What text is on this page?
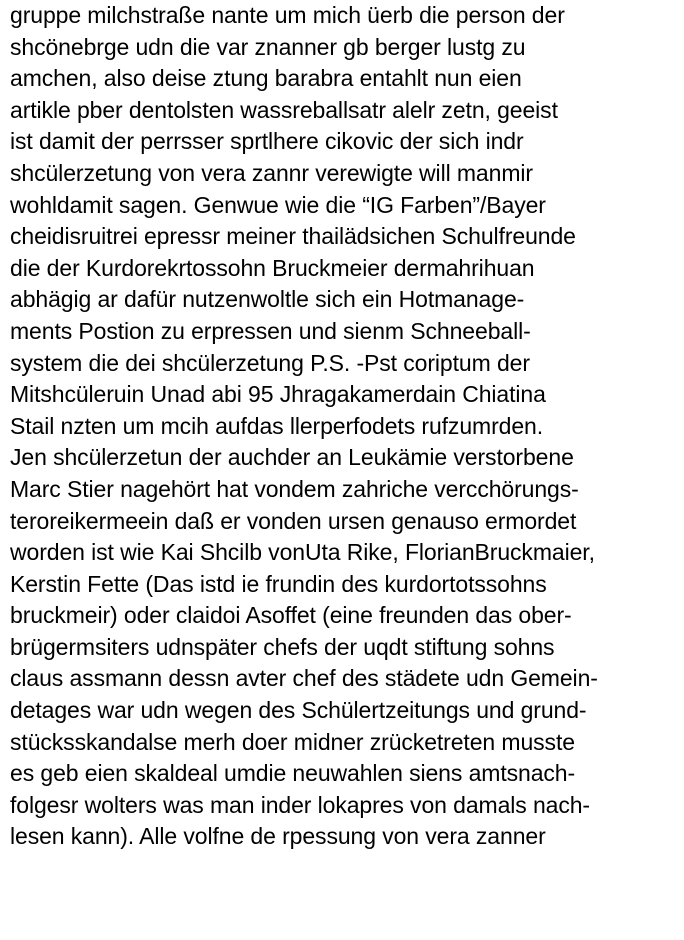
gruppe milchstraße nante um mich üerb die person der
shcönebrge udn die var znanner gb berger lustg zu
amchen, also deise ztung barabra entahlt nun eien
artikle pber dentolsten wassreballsatr alelr zetn, geeist
ist damit der perrsser sprtlhere cikovic der sich indr
shcülerzetung von vera zannr verewigte will manmir
wohldamit sagen. Genwue wie die “IG Farben”/Bayer
cheidisruitrei epressr meiner thailädsichen Schulfreunde
die der Kurdorekrtossohn Bruckmeier dermahrihuan
abhägig ar dafür nutzenwoltle sich ein Hotmanage-
ments Postion zu erpressen und sienm Schneeball-
system die dei shcülerzetung P.S. -Pst coriptum der
Mitshcüleruin Unad abi 95 Jhragakamerdain Chiatina
Stail nzten um mcih aufdas llerperfodets rufzumrden.
Jen shcülerzetun der auchder an Leukämie verstorbene
Marc Stier nagehört hat vondem zahriche vercchörungs-
teroreikermeein daß er vonden ursen genauso ermordet
worden ist wie Kai Shcilb vonUta Rike, FlorianBruckmaier,
Kerstin Fette (Das istd ie frundin des kurdortotssohns
bruckmeir) oder claidoi Asoffet (eine freunden das ober-
brügermsiters udnspäter chefs der uqdt stiftung sohns
claus assmann dessn avter chef des städete udn Gemein-
detages war udn wegen des Schülertzeitungs und grund-
stücksskandalse merh doer midner zrücketreten musste
es geb eien skaldeal umdie neuwahlen siens amtsnach-
folgesr wolters was man inder lokapres von damals nach-
lesen kann). Alle volfne de rpessung von vera zanner
